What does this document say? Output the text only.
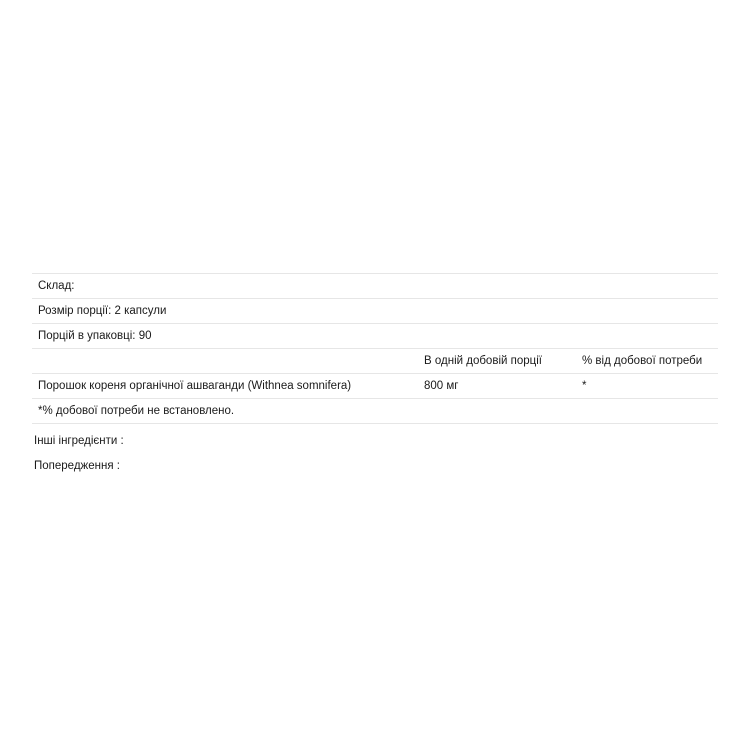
Склад:		
Розмір порції: 2 капсули		
Порцій в упаковці: 90		
	В одній добовій порції	% від добової потреби
Порошок кореня органічної ашваганди (Withnea somnifera)	800 мг	*
*% добової потреби не встановлено.		
Інші інгредієнти :
Попередження :
